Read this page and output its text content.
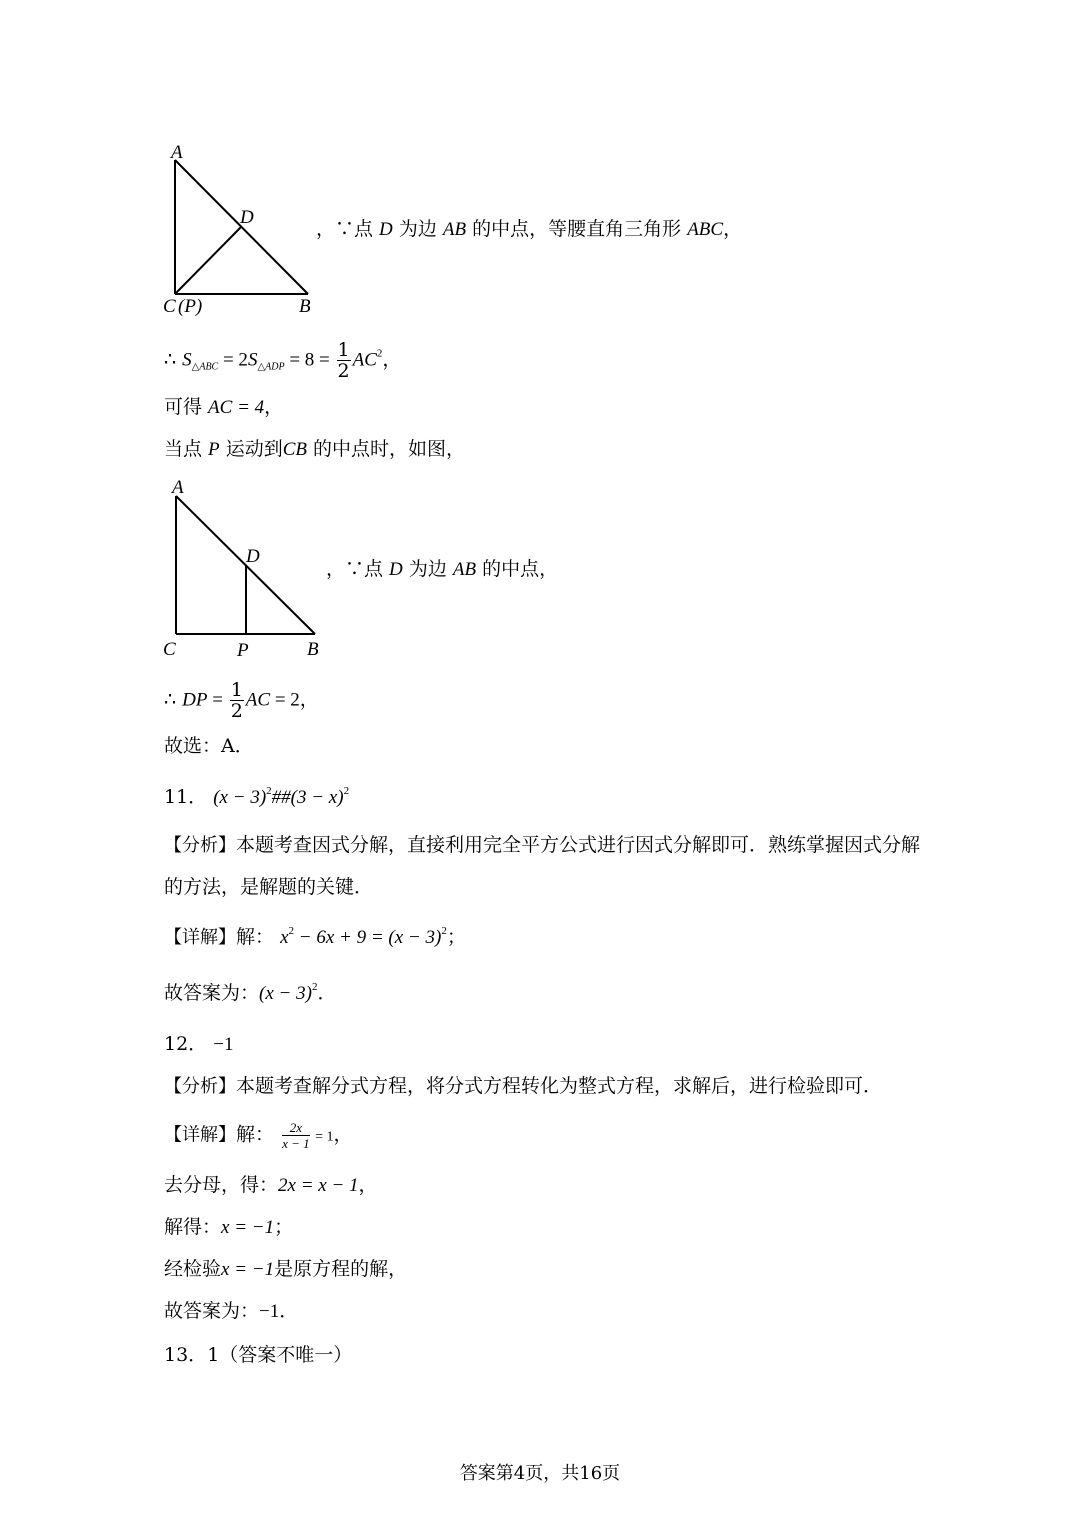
A
D
C (P)	B
，∵点 D 为边 AB 的中点，等腰直角三角形 ABC，
∴ $S_{\triangle ABC} = 2S_{\triangle ADP} = 8 = \frac{1}{2} AC^2$，
可得 AC = 4，
当点 P 运动到CB 的中点时，如图，
A
D
C	P	B
，∵点 D 为边 AB 的中点，
∴ DP = $\frac{1}{2}$ AC = 2，
故选：A．
11． $(x - 3)^2\#\#(3 - x)^2$
【分析】本题考查因式分解，直接利用完全平方公式进行因式分解即可．熟练掌握因式分解
的方法，是解题的关键．
【详解】解： $x^2 - 6x + 9 = (x - 3)^2$；
故答案为：$(x - 3)^2$．
12． −1
【分析】本题考查解分式方程，将分式方程转化为整式方程，求解后，进行检验即可．
【详解】解： $\frac{2x}{x - 1} = 1$，
去分母，得：2x = x − 1，
解得：x = −1；
经检验x = −1是原方程的解，
故答案为：−1．
13．1（答案不唯一）
答案第4页，共16页
